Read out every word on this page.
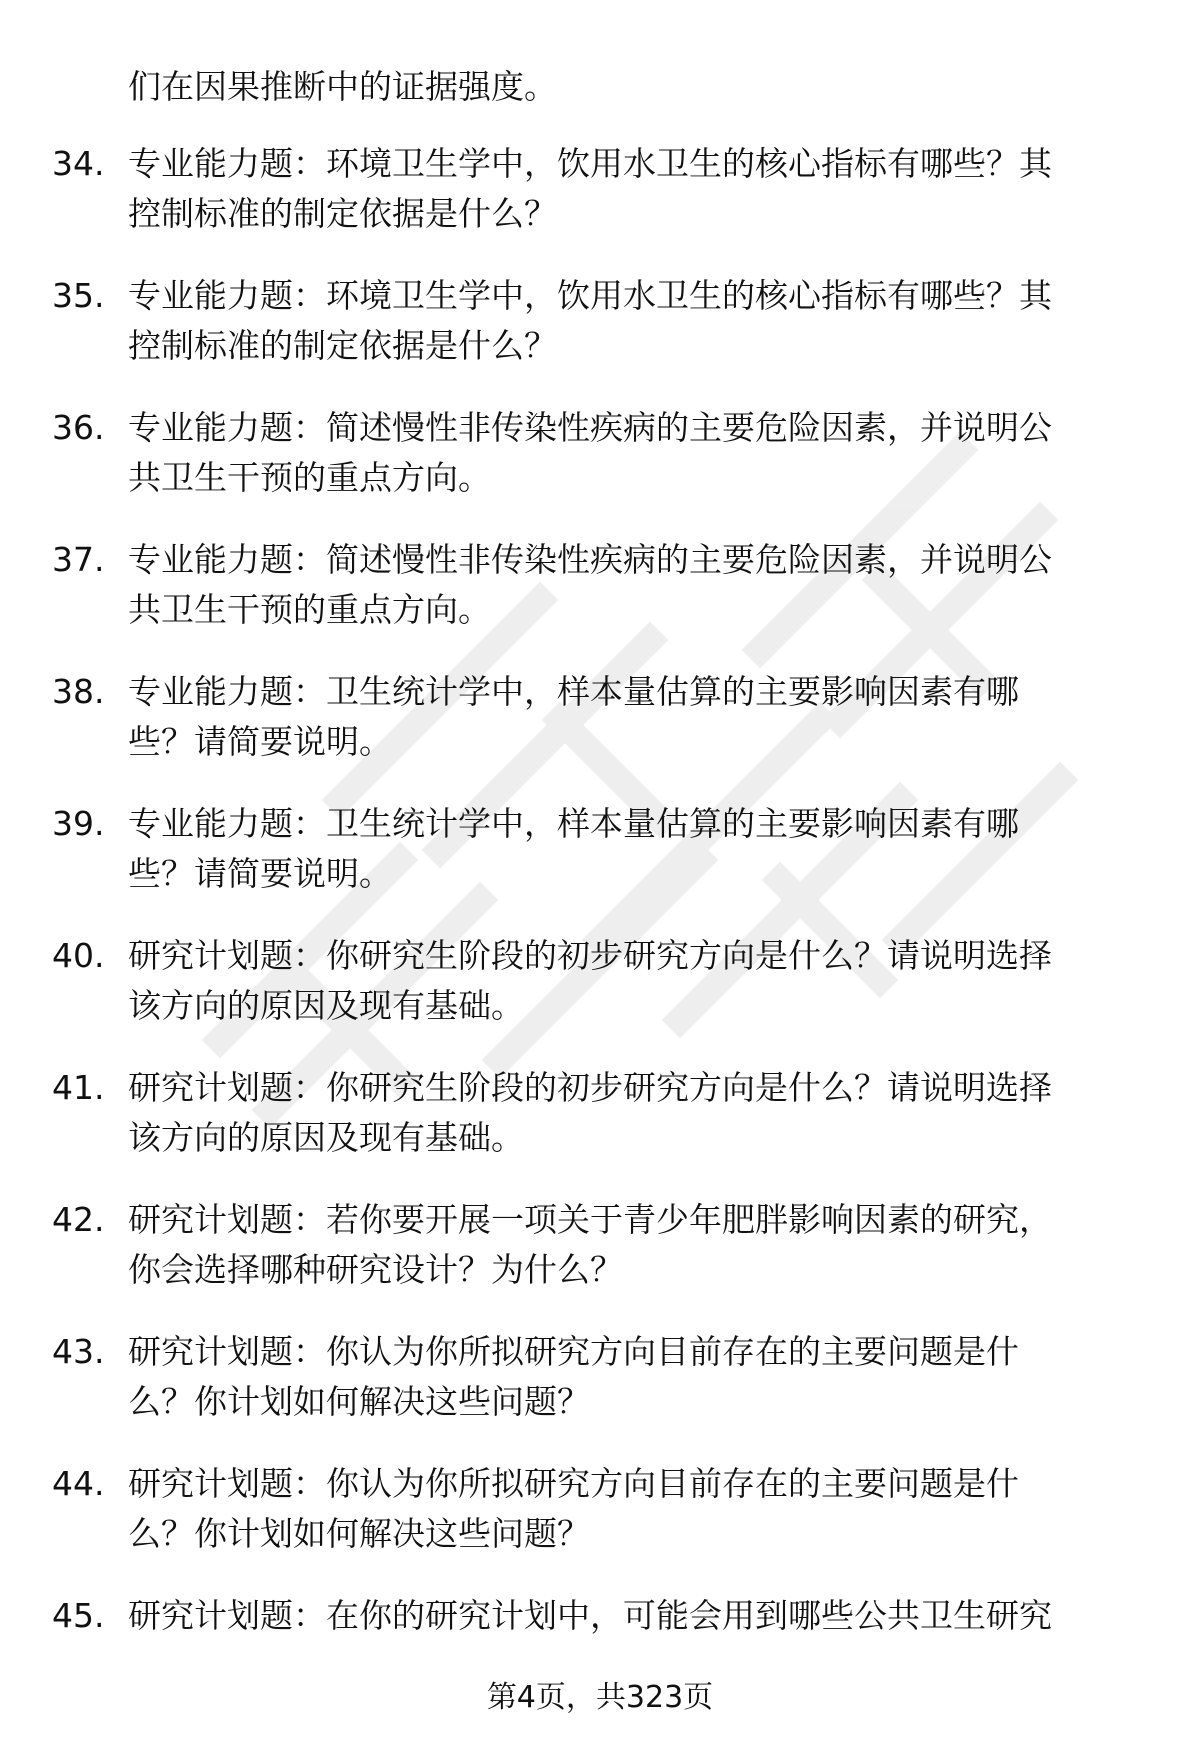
们在因果推断中的证据强度。
34. 专业能力题：环境卫生学中，饮用水卫生的核心指标有哪些？其
控制标准的制定依据是什么？
35. 专业能力题：环境卫生学中，饮用水卫生的核心指标有哪些？其
控制标准的制定依据是什么？
36. 专业能力题：简述慢性非传染性疾病的主要危险因素，并说明公
共卫生干预的重点方向。
37. 专业能力题：简述慢性非传染性疾病的主要危险因素，并说明公
共卫生干预的重点方向。
38. 专业能力题：卫生统计学中，样本量估算的主要影响因素有哪
些？请简要说明。
39. 专业能力题：卫生统计学中，样本量估算的主要影响因素有哪
些？请简要说明。
40. 研究计划题：你研究生阶段的初步研究方向是什么？请说明选择
该方向的原因及现有基础。
41. 研究计划题：你研究生阶段的初步研究方向是什么？请说明选择
该方向的原因及现有基础。
42. 研究计划题：若你要开展一项关于青少年肥胖影响因素的研究，
你会选择哪种研究设计？为什么？
43. 研究计划题：你认为你所拟研究方向目前存在的主要问题是什
么？你计划如何解决这些问题？
44. 研究计划题：你认为你所拟研究方向目前存在的主要问题是什
么？你计划如何解决这些问题？
45. 研究计划题：在你的研究计划中，可能会用到哪些公共卫生研究
第4页，共323页
